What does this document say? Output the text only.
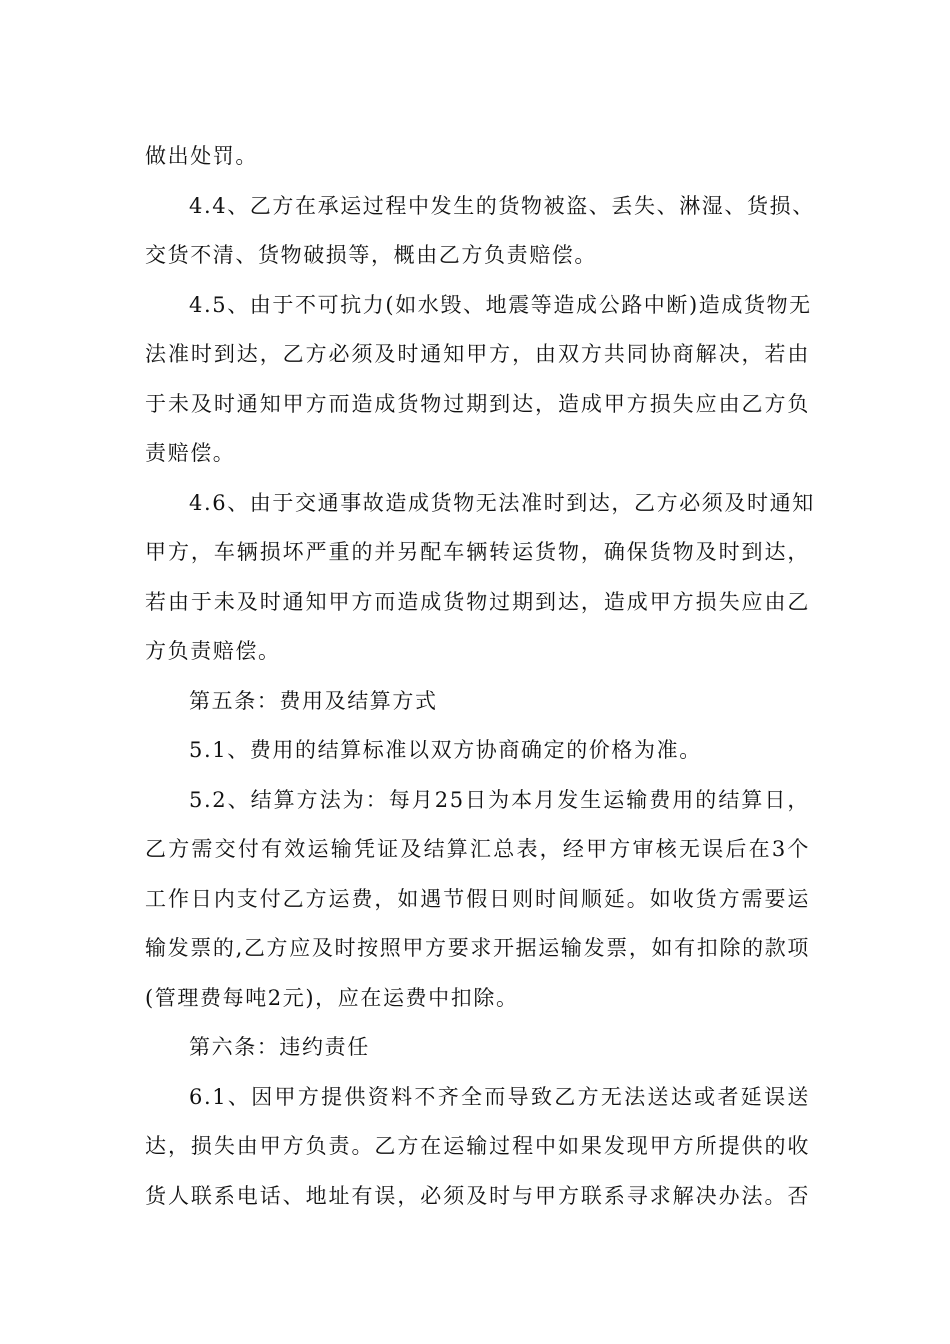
做出处罚。
4.4、乙方在承运过程中发生的货物被盗、丢失、淋湿、货损、
交货不清、货物破损等，概由乙方负责赔偿。
4.5、由于不可抗力(如水毁、地震等造成公路中断)造成货物无
法准时到达，乙方必须及时通知甲方，由双方共同协商解决，若由
于未及时通知甲方而造成货物过期到达，造成甲方损失应由乙方负
责赔偿。
4.6、由于交通事故造成货物无法准时到达，乙方必须及时通知
甲方，车辆损坏严重的并另配车辆转运货物，确保货物及时到达，
若由于未及时通知甲方而造成货物过期到达，造成甲方损失应由乙
方负责赔偿。
第五条：费用及结算方式
5.1、费用的结算标准以双方协商确定的价格为准。
5.2、结算方法为：每月25日为本月发生运输费用的结算日，
乙方需交付有效运输凭证及结算汇总表，经甲方审核无误后在3个
工作日内支付乙方运费，如遇节假日则时间顺延。如收货方需要运
输发票的,乙方应及时按照甲方要求开据运输发票，如有扣除的款项
(管理费每吨2元)，应在运费中扣除。
第六条：违约责任
6.1、因甲方提供资料不齐全而导致乙方无法送达或者延误送
达，损失由甲方负责。乙方在运输过程中如果发现甲方所提供的收
货人联系电话、地址有误，必须及时与甲方联系寻求解决办法。否
